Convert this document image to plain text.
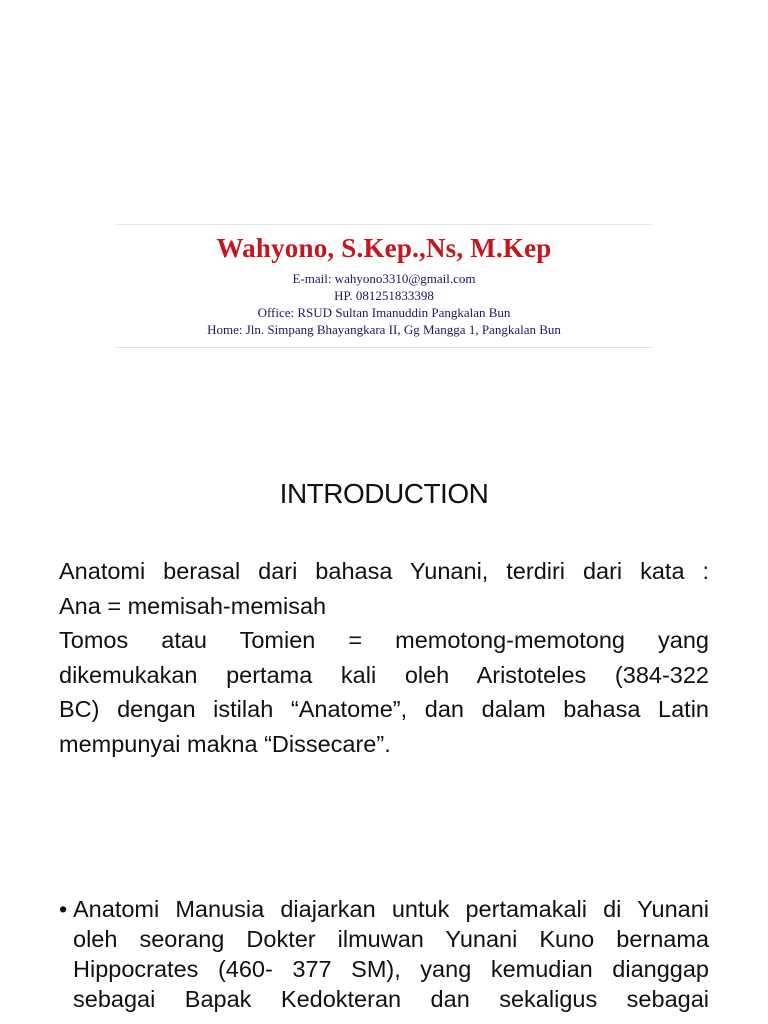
Wahyono, S.Kep.,Ns, M.Kep
E-mail: wahyono3310@gmail.com
HP. 081251833398
Office: RSUD Sultan Imanuddin Pangkalan Bun
Home: Jln. Simpang Bhayangkara II, Gg Mangga 1, Pangkalan Bun
INTRODUCTION
Anatomi berasal dari bahasa Yunani, terdiri dari kata :
Ana = memisah-memisah
Tomos atau Tomien = memotong-memotong yang
dikemukakan pertama kali oleh Aristoteles (384-322
BC) dengan istilah “Anatome”, dan dalam bahasa Latin
mempunyai makna “Dissecare”.
• Anatomi Manusia diajarkan untuk pertamakali di Yunani
oleh seorang Dokter ilmuwan Yunani Kuno bernama
Hippocrates (460- 377 SM), yang kemudian dianggap
sebagai Bapak Kedokteran dan sekaligus sebagai
